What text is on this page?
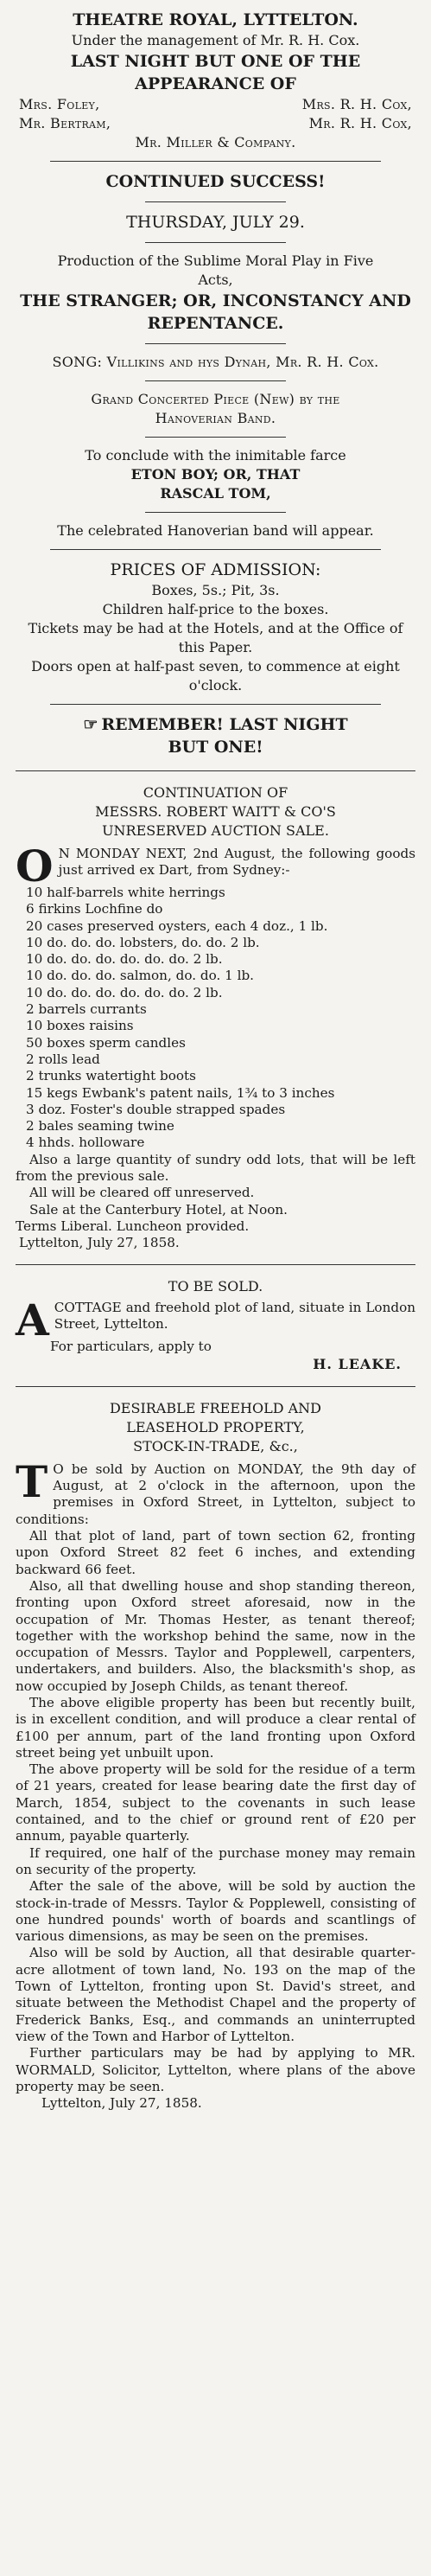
THEATRE ROYAL, LYTTELTON.
Under the management of Mr. R. H. Cox.
LAST NIGHT BUT ONE OF THE APPEARANCE OF
Mrs. Foley,	Mrs. R. H. Cox,
Mr. Bertram,	Mr. R. H. Cox,
Mr. Miller & Company.
CONTINUED SUCCESS!
THURSDAY, JULY 29.
Production of the Sublime Moral Play in Five Acts,
THE STRANGER; OR, INCONSTANCY AND REPENTANCE.
SONG: Villikins and hys Dynah, Mr. R. H. Cox.
Grand Concerted Piece (New) by the Hanoverian Band.
To conclude with the inimitable farce
ETON BOY; OR, THAT RASCAL TOM,
The celebrated Hanoverian band will appear.
PRICES OF ADMISSION:
Boxes, 5s.; Pit, 3s.
Children half-price to the boxes.
Tickets may be had at the Hotels, and at the Office of this Paper.
Doors open at half-past seven, to commence at eight o'clock.
☞ REMEMBER! LAST NIGHT BUT ONE!
CONTINUATION OF
MESSRS. ROBERT WAITT & CO'S
UNRESERVED AUCTION SALE.
O N MONDAY NEXT, 2nd August, the following goods just arrived ex Dart, from Sydney:-
10 half-barrels white herrings
6 firkins Lochfine do
20 cases preserved oysters, each 4 doz., 1 lb.
10 do. do. do. lobsters, do. do. 2 lb.
10 do. do. do. do. do. do. 2 lb.
10 do. do. do. salmon, do. do. 1 lb.
10 do. do. do. do. do. do. 2 lb.
2 barrels currants
10 boxes raisins
50 boxes sperm candles
2 rolls lead
2 trunks watertight boots
15 kegs Ewbank's patent nails, 1¾ to 3 inches
3 doz. Foster's double strapped spades
2 bales seaming twine
4 hhds. holloware
Also a large quantity of sundry odd lots, that will be left from the previous sale.
All will be cleared off unreserved.
Sale at the Canterbury Hotel, at Noon.
Terms Liberal. Luncheon provided.
Lyttelton, July 27, 1858.
TO BE SOLD.
ACOTTAGE and freehold plot of land, situate in London Street, Lyttelton.
For particulars, apply to
H. LEAKE.
DESIRABLE FREEHOLD AND
LEASEHOLD PROPERTY,
STOCK-IN-TRADE, &c.,
T O be sold by Auction on MONDAY, the 9th day of August, at 2 o'clock in the afternoon, upon the premises in Oxford Street, in Lyttelton, subject to conditions:
All that plot of land, part of town section 62, fronting upon Oxford Street 82 feet 6 inches, and extending backward 66 feet.
Also, all that dwelling house and shop standing thereon, fronting upon Oxford street aforesaid, now in the occupation of Mr. Thomas Hester, as tenant thereof; together with the workshop behind the same, now in the occupation of Messrs. Taylor and Popplewell, carpenters, undertakers, and builders. Also, the blacksmith's shop, as now occupied by Joseph Childs, as tenant thereof.
The above eligible property has been but recently built, is in excellent condition, and will produce a clear rental of £100 per annum, part of the land fronting upon Oxford street being yet unbuilt upon.
The above property will be sold for the residue of a term of 21 years, created for lease bearing date the first day of March, 1854, subject to the covenants in such lease contained, and to the chief or ground rent of £20 per annum, payable quarterly.
If required, one half of the purchase money may remain on security of the property.
After the sale of the above, will be sold by auction the stock-in-trade of Messrs. Taylor & Popplewell, consisting of one hundred pounds' worth of boards and scantlings of various dimensions, as may be seen on the premises.
Also will be sold by Auction, all that desirable quarter-acre allotment of town land, No. 193 on the map of the Town of Lyttelton, fronting upon St. David's street, and situate between the Methodist Chapel and the property of Frederick Banks, Esq., and commands an uninterrupted view of the Town and Harbor of Lyttelton.
Further particulars may be had by applying to MR. WORMALD, Solicitor, Lyttelton, where plans of the above property may be seen.
Lyttelton, July 27, 1858.
